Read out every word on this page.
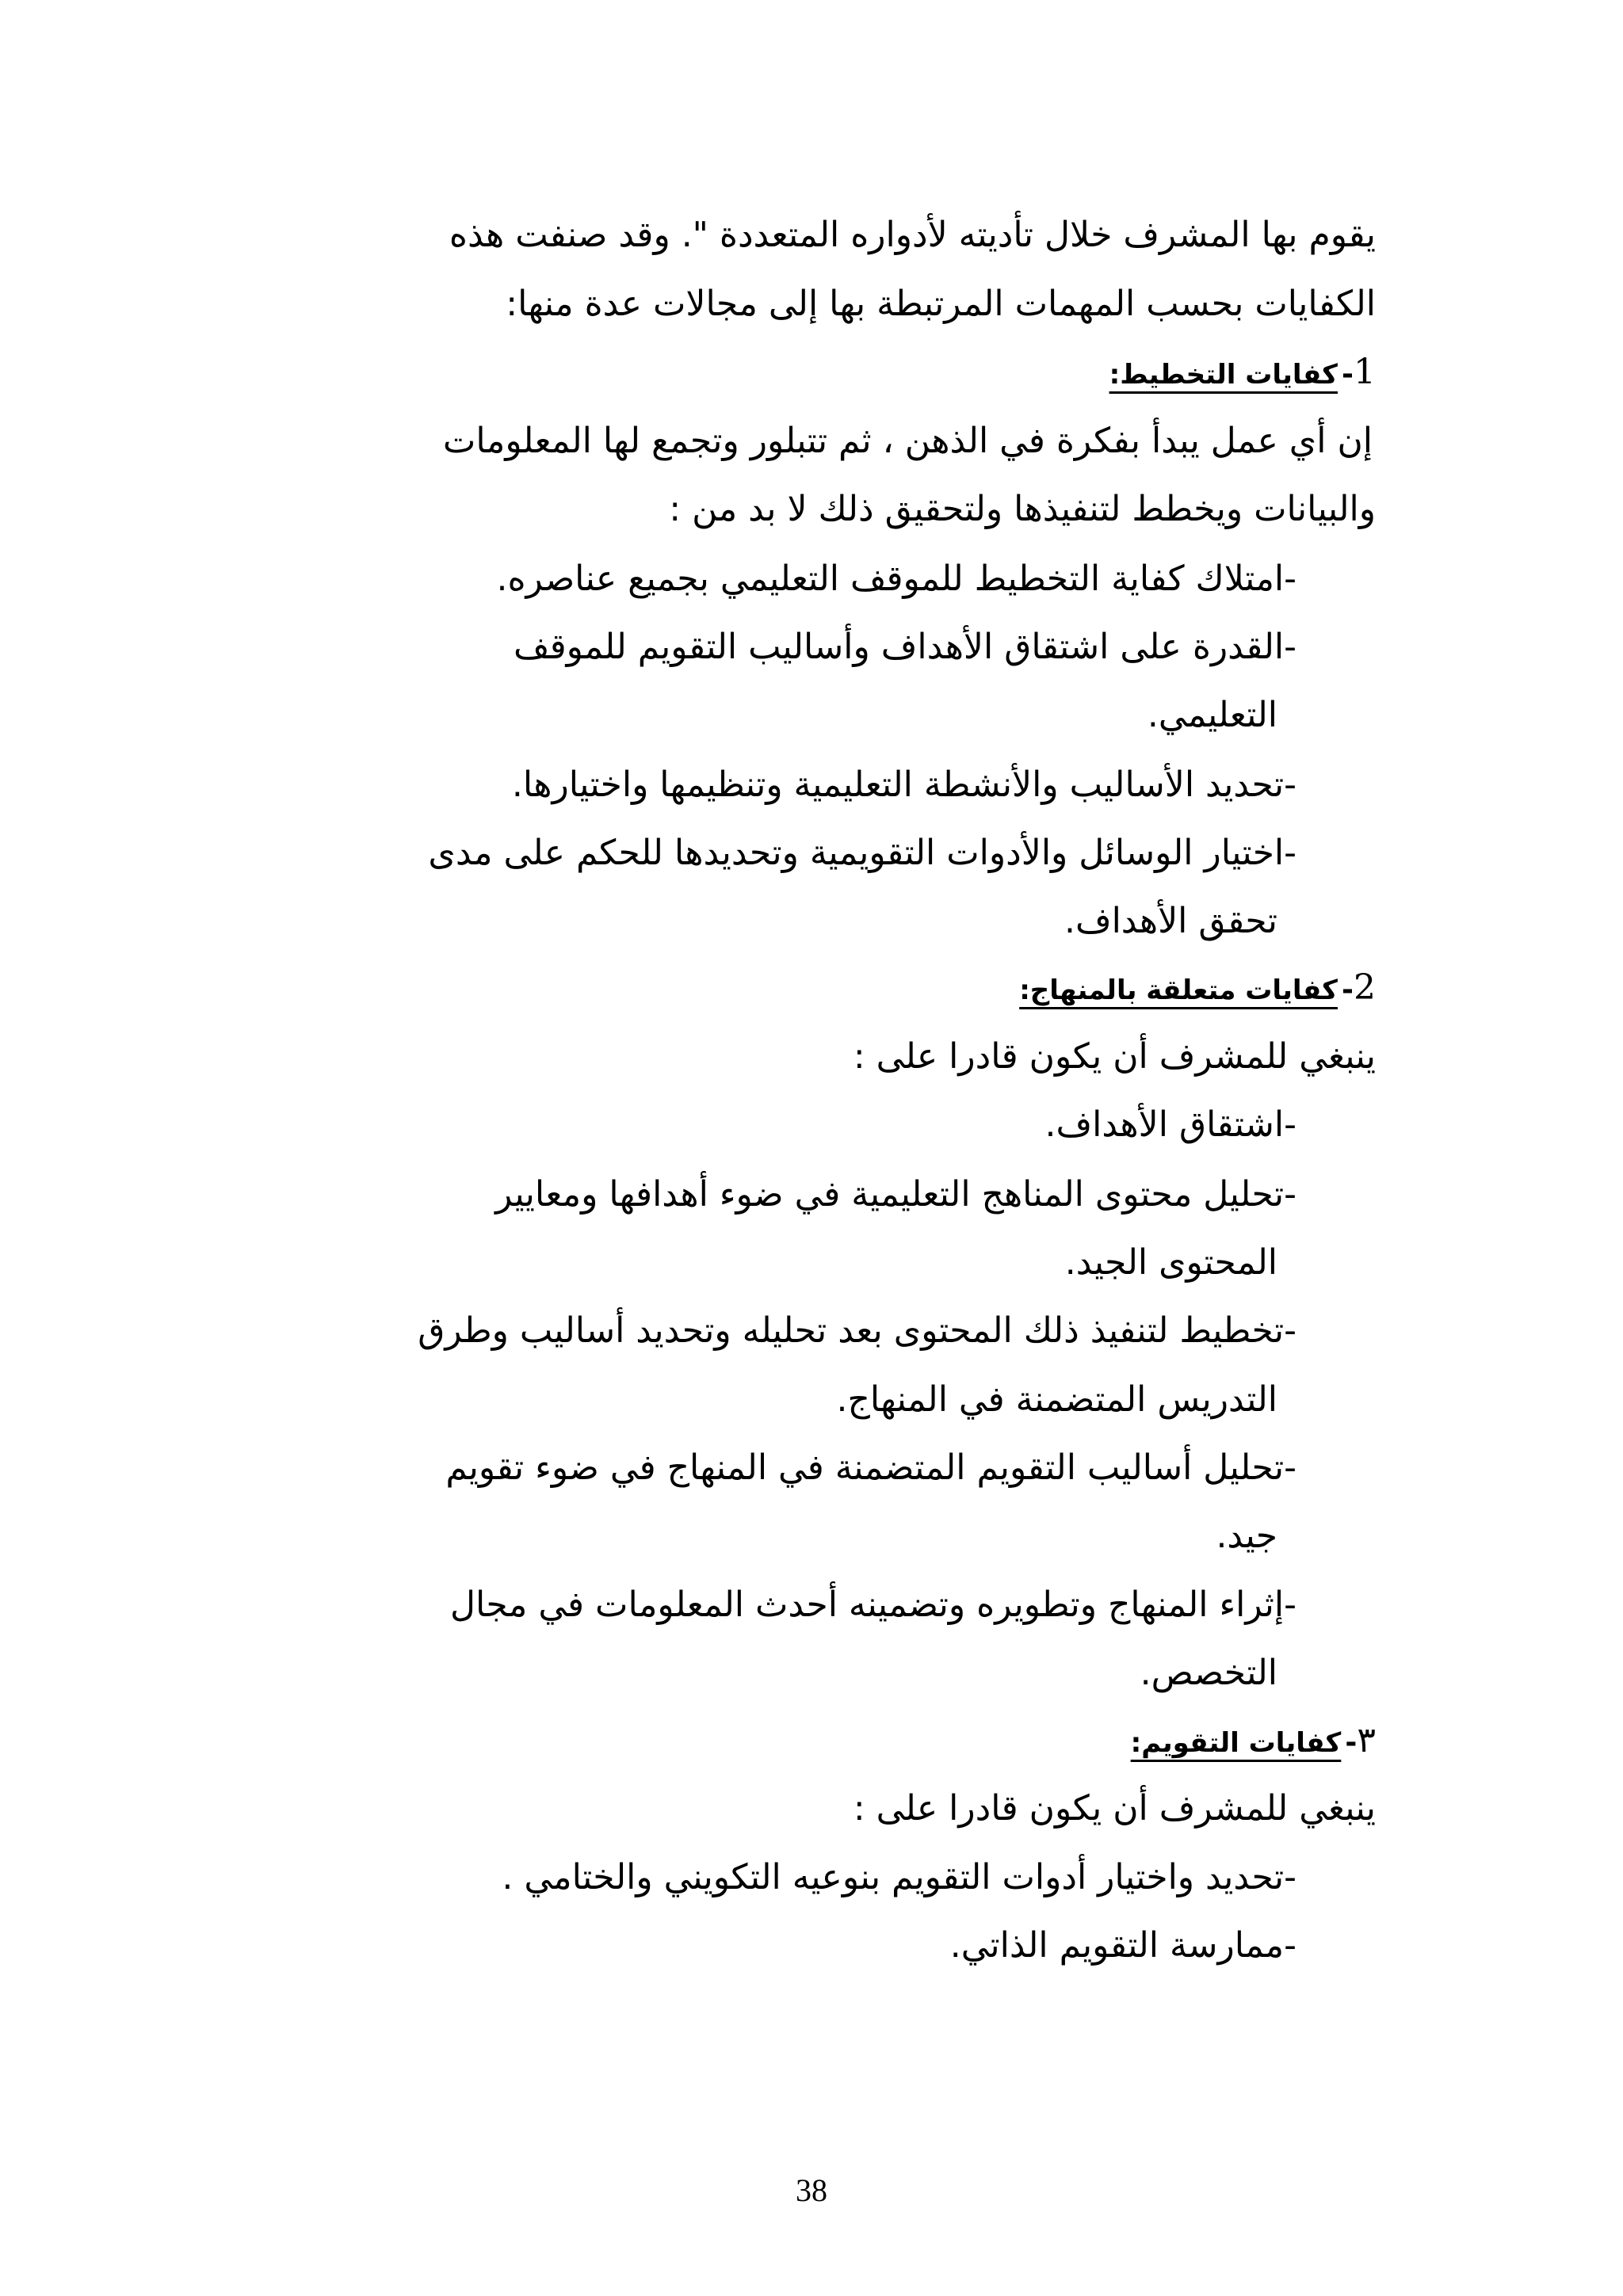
يقوم بها المشرف خلال تأديته لأدواره المتعددة ". وقد صنفت هذه
الكفايات بحسب المهمات المرتبطة بها إلى مجالات عدة منها:
1- كفايات التخطيط:
إن أي عمل يبدأ بفكرة في الذهن ، ثم تتبلور وتجمع لها المعلومات
والبيانات ويخطط لتنفيذها ولتحقيق ذلك لا بد من :
-امتلاك كفاية التخطيط للموقف التعليمي بجميع عناصره.
-القدرة على اشتقاق الأهداف وأساليب التقويم للموقف
التعليمي.
-تحديد الأساليب والأنشطة التعليمية وتنظيمها واختيارها.
-اختيار الوسائل والأدوات التقويمية وتحديدها للحكم على مدى
تحقق الأهداف.
2- كفايات متعلقة بالمنهاج:
ينبغي للمشرف أن يكون قادرا على :
-اشتقاق الأهداف.
-تحليل محتوى المناهج التعليمية في ضوء أهدافها ومعايير
المحتوى الجيد.
-تخطيط لتنفيذ ذلك المحتوى بعد تحليله وتحديد أساليب وطرق
التدريس المتضمنة في المنهاج.
-تحليل أساليب التقويم المتضمنة في المنهاج في ضوء تقويم
جيد.
-إثراء المنهاج وتطويره وتضمينه أحدث المعلومات في مجال
التخصص.
٣- كفايات التقويم:
ينبغي للمشرف أن يكون قادرا على :
-تحديد واختيار أدوات التقويم بنوعيه التكويني والختامي .
-ممارسة التقويم الذاتي.
38
